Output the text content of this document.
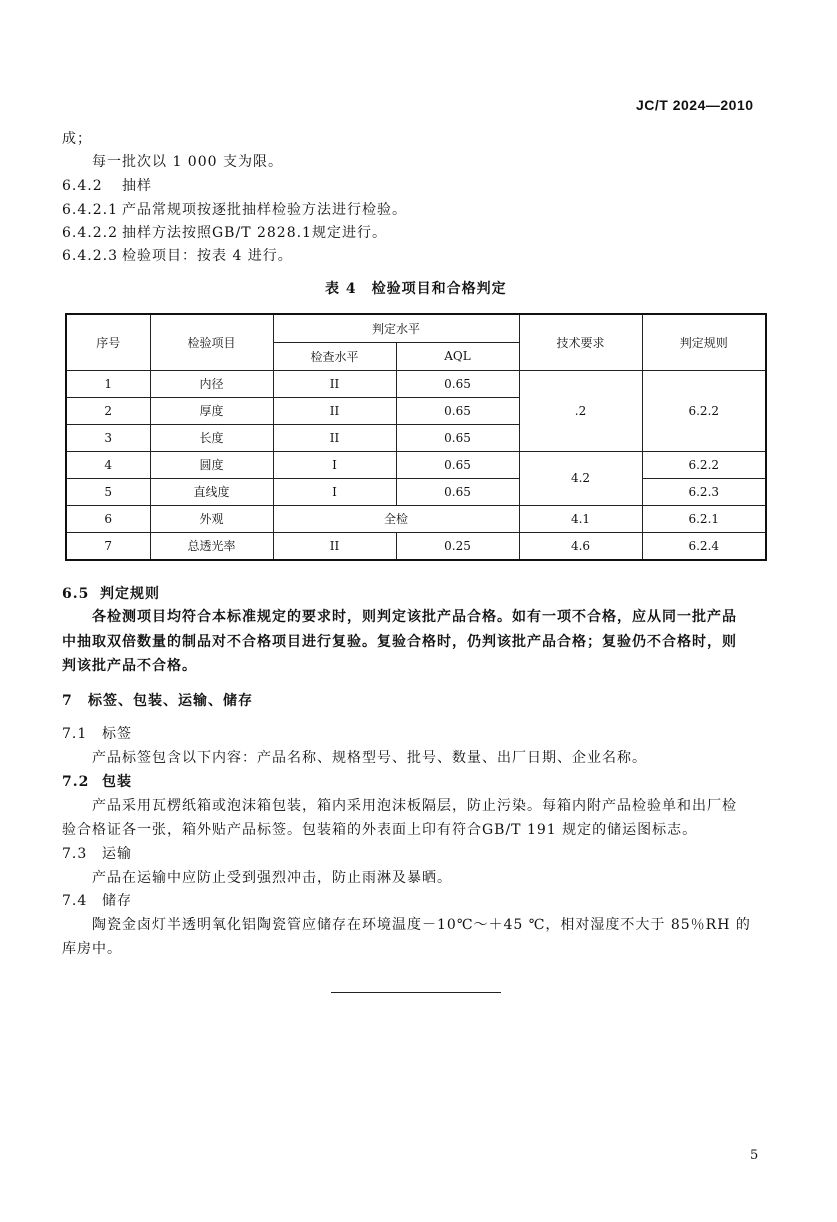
JC/T 2024—2010
成；
每一批次以 1 000 支为限。
6.4.2 抽样
6.4.2.1 产品常规项按逐批抽样检验方法进行检验。
6.4.2.2 抽样方法按照GB/T 2828.1规定进行。
6.4.2.3 检验项目：按表 4 进行。
表 4　检验项目和合格判定
序号	检验项目	判定水平		技术要求	判定规则
		检查水平	AQL		
1	内径	II	0.65	.2	6.2.2
2	厚度	II	0.65		
3	长度	II	0.65		
4	圆度	I	0.65	4.2	6.2.2
5	直线度	I	0.65		6.2.3
6	外观	全检		4.1	6.2.1
7	总透光率	II	0.25	4.6	6.2.4
6.5 判定规则
各检测项目均符合本标准规定的要求时，则判定该批产品合格。如有一项不合格，应从同一批产品
中抽取双倍数量的制品对不合格项目进行复验。复验合格时，仍判该批产品合格；复验仍不合格时，则
判该批产品不合格。
7 标签、包装、运输、储存
7.1 标签
产品标签包含以下内容：产品名称、规格型号、批号、数量、出厂日期、企业名称。
7.2 包装
产品采用瓦楞纸箱或泡沫箱包装，箱内采用泡沫板隔层，防止污染。每箱内附产品检验单和出厂检
验合格证各一张，箱外贴产品标签。包装箱的外表面上印有符合GB/T 191 规定的储运图标志。
7.3 运输
产品在运输中应防止受到强烈冲击，防止雨淋及暴晒。
7.4 储存
陶瓷金卤灯半透明氧化铝陶瓷管应储存在环境温度－10℃～＋45 ℃，相对湿度不大于 85％RH 的
库房中。
5
